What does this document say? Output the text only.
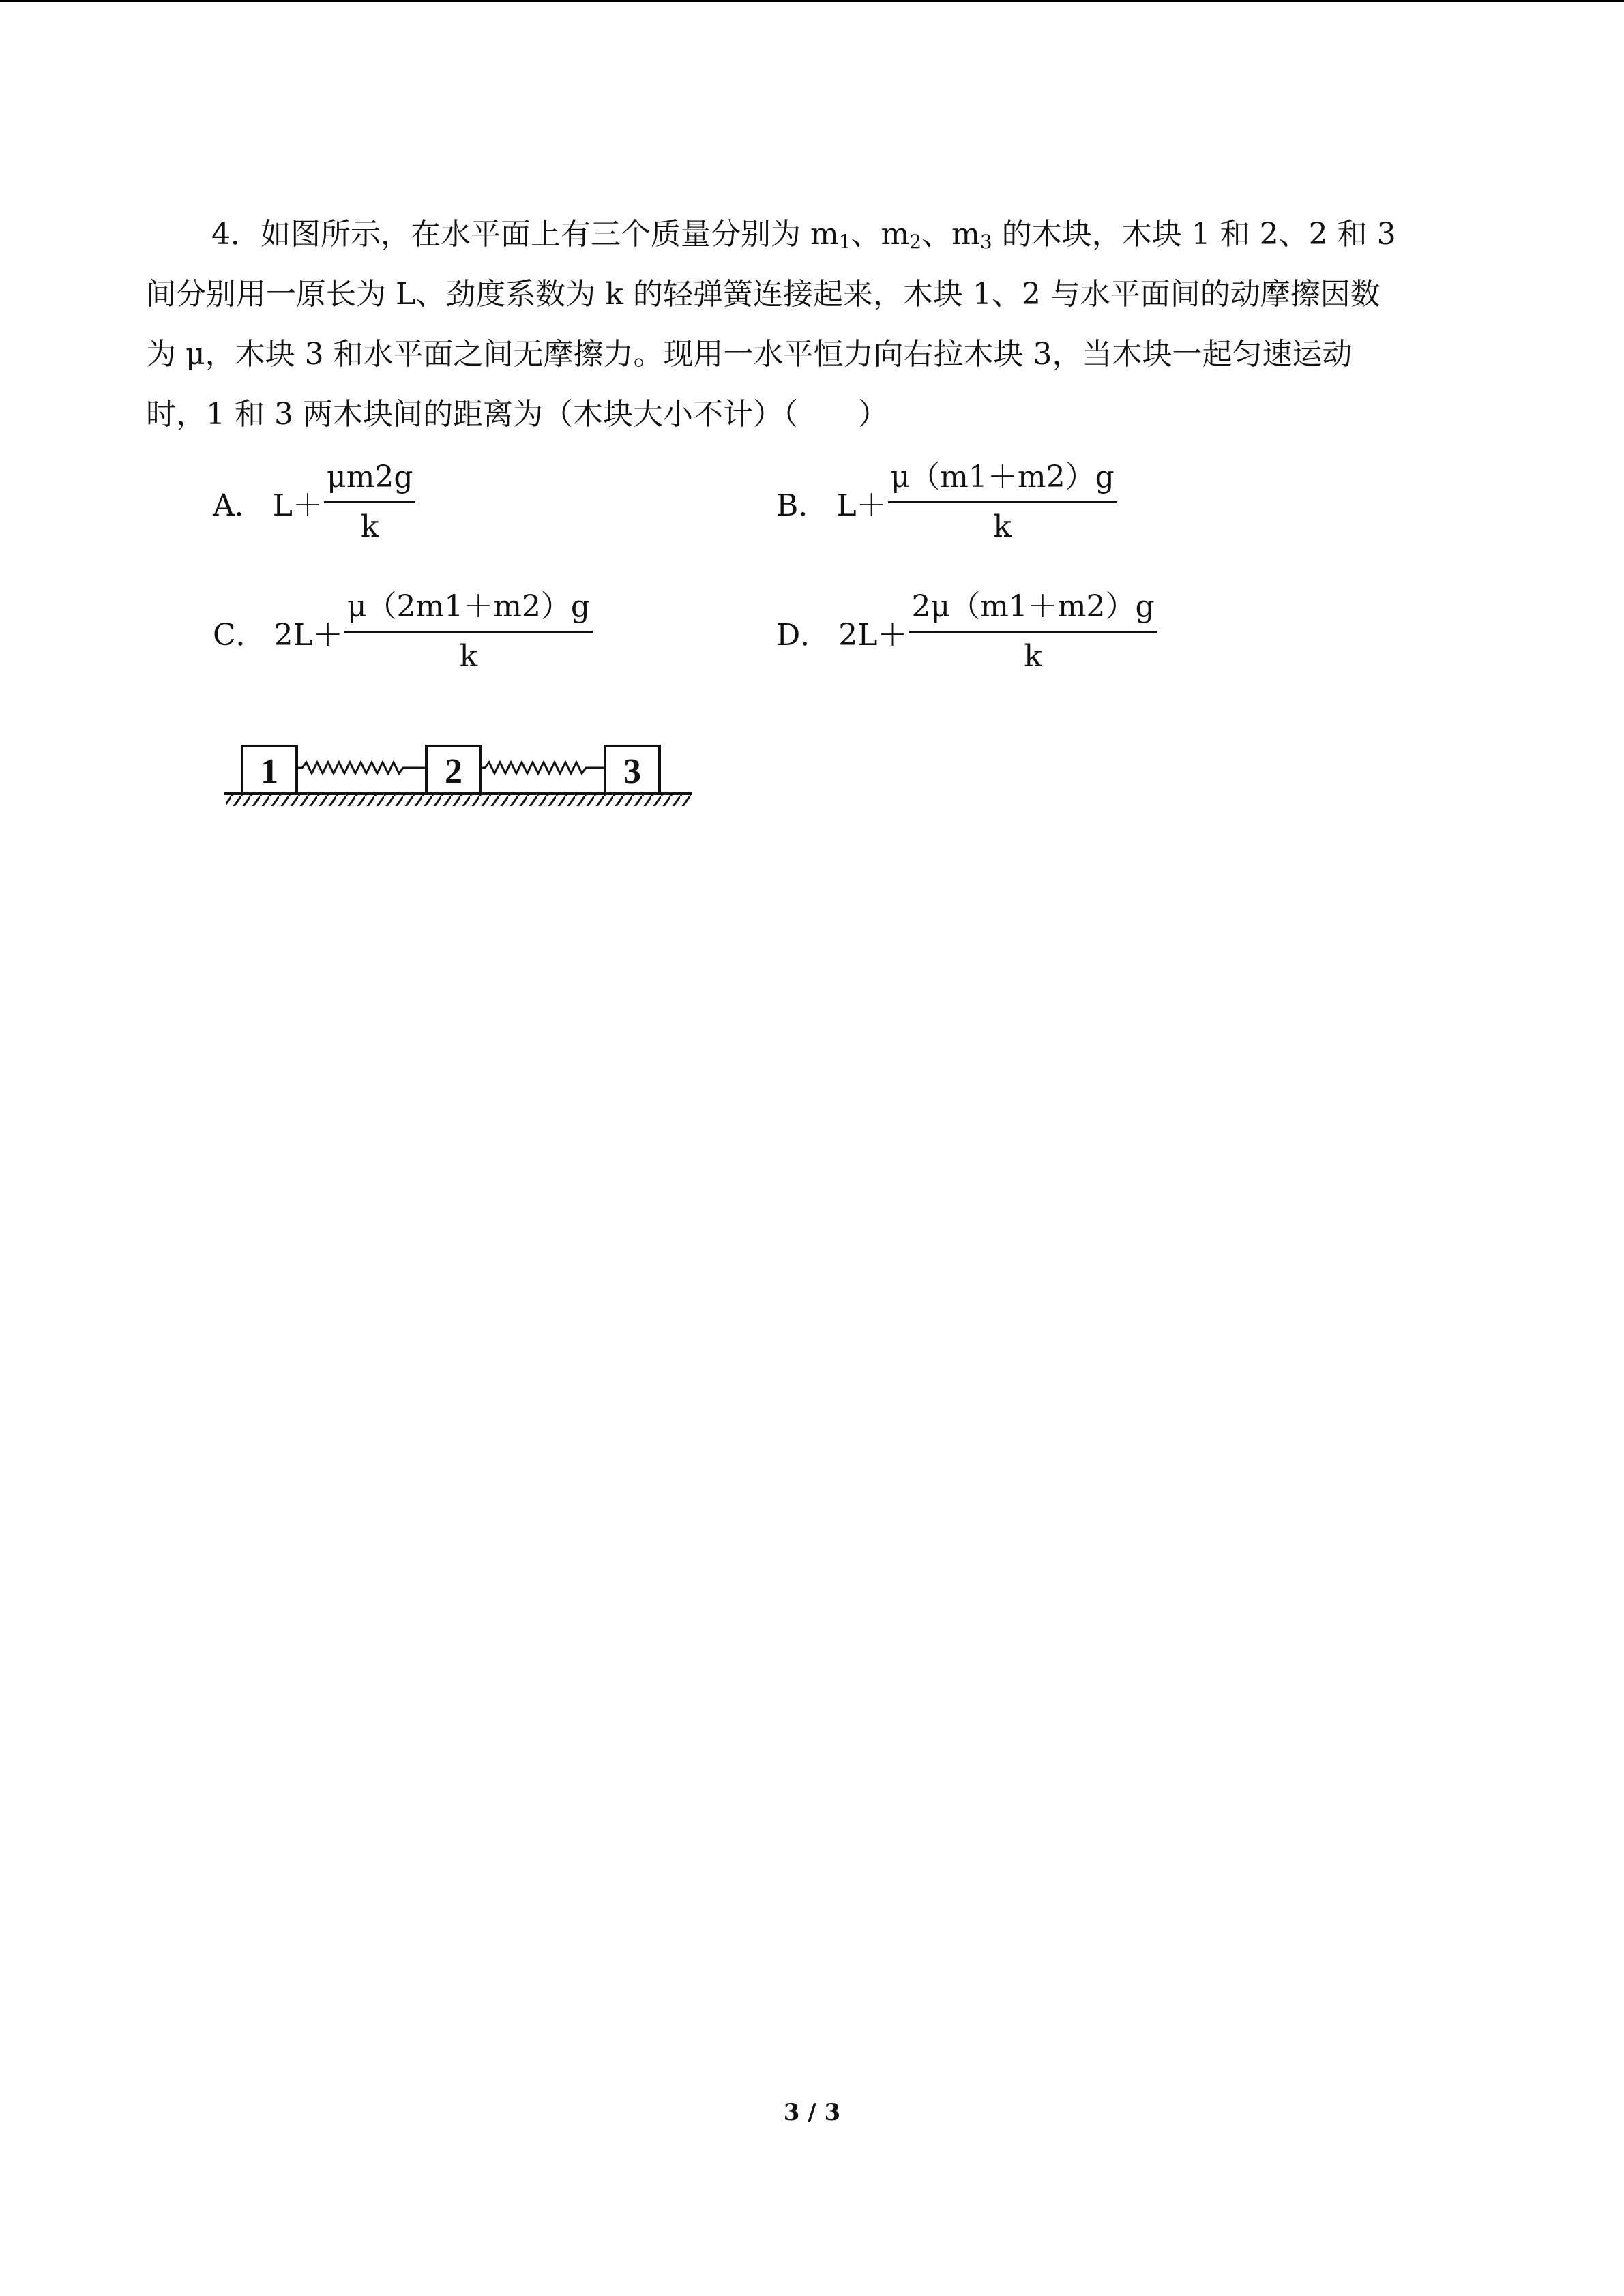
4．如图所示，在水平面上有三个质量分别为 $m_1$、$m_2$、$m_3$ 的木块，木块 1 和 2、2 和 3

间分别用一原长为 L、劲度系数为 k 的轻弹簧连接起来，木块 1、2 与水平面间的动摩擦因数

为 μ，木块 3 和水平面之间无摩擦力。现用一水平恒力向右拉木块 3，当木块一起匀速运动

时，1 和 3 两木块间的距离为（木块大小不计）（　　）

A． $L+ \frac{\mu m2g}{k}$	B． $L+ \frac{\mu(m1+m2)g}{k}$
C． $2L+ \frac{\mu(2m1+m2)g}{k}$	D． $2L+ \frac{2\mu(m1+m2)g}{k}$
1	2	3
3 / 3
